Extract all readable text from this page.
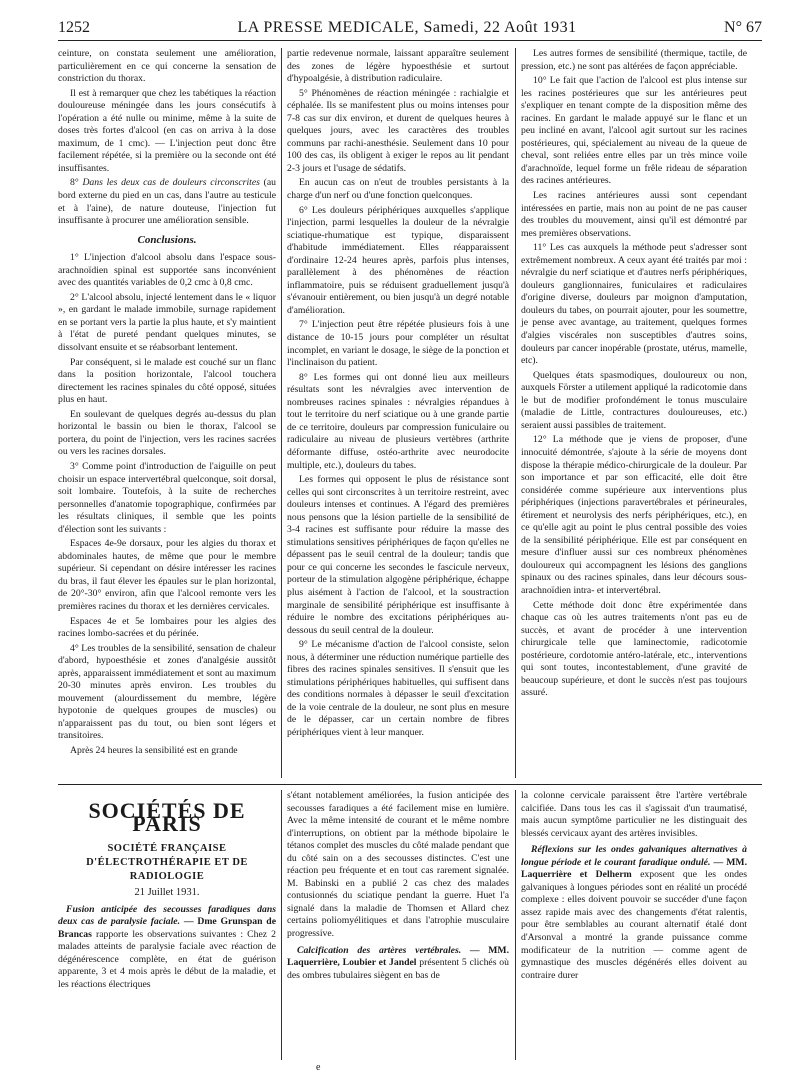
1252	LA PRESSE MEDICALE, Samedi, 22 Août 1931	N° 67

ceinture, on constata seulement une amélioration, particulièrement en ce qui concerne la sensation de constriction du thorax.

Il est à remarquer que chez les tabétiques la réaction douloureuse méningée dans les jours consécutifs à l'opération a été nulle ou minime, même à la suite de doses très fortes d'alcool (en cas on arriva à la dose maximum, de 1 cmc). — L'injection peut donc être facilement répétée, si la première ou la seconde ont été insuffisantes.

8° Dans les deux cas de douleurs circonscrites (au bord externe du pied en un cas, dans l'autre au testicule et à l'aine), de nature douteuse, l'injection fut insuffisante à procurer une amélioration sensible.

Conclusions.

1° L'injection d'alcool absolu dans l'espace sous-arachnoïdien spinal est supportée sans inconvénient avec des quantités variables de 0,2 cmc à 0,8 cmc.

2° L'alcool absolu, injecté lentement dans le « liquor », en gardant le malade immobile, surnage rapidement en se portant vers la partie la plus haute, et s'y maintient à l'état de pureté pendant quelques minutes, se dissolvant ensuite et se réabsorbant lentement.

Par conséquent, si le malade est couché sur un flanc dans la position horizontale, l'alcool touchera directement les racines spinales du côté opposé, situées plus en haut.

En soulevant de quelques degrés au-dessus du plan horizontal le bassin ou bien le thorax, l'alcool se portera, du point de l'injection, vers les racines sacrées ou vers les racines dorsales.

3° Comme point d'introduction de l'aiguille on peut choisir un espace intervertébral quelconque, soit dorsal, soit lombaire. Toutefois, à la suite de recherches personnelles d'anatomie topographique, confirmées par les résultats cliniques, il semble que les points d'élection sont les suivants :

Espaces 4e-9e dorsaux, pour les algies du thorax et abdominales hautes, de même que pour le membre supérieur. Si cependant on désire intéresser les racines du bras, il faut élever les épaules sur le plan horizontal, de 20°-30° environ, afin que l'alcool remonte vers les premières racines du thorax et les dernières cervicales.

Espaces 4e et 5e lombaires pour les algies des racines lombo-sacrées et du périnée.

4° Les troubles de la sensibilité, sensation de chaleur d'abord, hypoesthésie et zones d'analgésie aussitôt après, apparaissent immédiatement et sont au maximum 20-30 minutes après environ. Les troubles du mouvement (alourdissement du membre, légère hypotonie de quelques groupes de muscles) ou n'apparaissent pas du tout, ou bien sont légers et transitoires.

Après 24 heures la sensibilité est en grande

partie redevenue normale, laissant apparaître seulement des zones de légère hypoesthésie et surtout d'hypoalgésie, à distribution radiculaire.

5° Phénomènes de réaction méningée : rachialgie et céphalée. Ils se manifestent plus ou moins intenses pour 7-8 cas sur dix environ, et durent de quelques heures à quelques jours, avec les caractères des troubles communs par rachi-anesthésie. Seulement dans 10 pour 100 des cas, ils obligent à exiger le repos au lit pendant 2-3 jours et l'usage de sédatifs.

En aucun cas on n'eut de troubles persistants à la charge d'un nerf ou d'une fonction quelconques.

6° Les douleurs périphériques auxquelles s'applique l'injection, parmi lesquelles la douleur de la névralgie sciatique-rhumatique est typique, disparaissent d'habitude immédiatement. Elles réapparaissent d'ordinaire 12-24 heures après, parfois plus intenses, parallèlement à des phénomènes de réaction inflammatoire, puis se réduisent graduellement jusqu'à s'évanouir entièrement, ou bien jusqu'à un degré notable d'amélioration.

7° L'injection peut être répétée plusieurs fois à une distance de 10-15 jours pour compléter un résultat incomplet, en variant le dosage, le siège de la ponction et l'inclinaison du patient.

8° Les formes qui ont donné lieu aux meilleurs résultats sont les névralgies avec intervention de nombreuses racines spinales : névralgies répandues à tout le territoire du nerf sciatique ou à une grande partie de ce territoire, douleurs par compression funiculaire ou radiculaire au niveau de plusieurs vertèbres (arthrite déformante diffuse, ostéo-arthrite avec neurodocite multiple, etc.), douleurs du tabes.

Les formes qui opposent le plus de résistance sont celles qui sont circonscrites à un territoire restreint, avec douleurs intenses et continues. A l'égard des premières nous pensons que la lésion partielle de la sensibilité de 3-4 racines est suffisante pour réduire la masse des stimulations sensitives périphériques de façon qu'elles ne dépassent pas le seuil central de la douleur; tandis que pour ce qui concerne les secondes le fascicule nerveux, porteur de la stimulation algogène périphérique, échappe plus aisément à l'action de l'alcool, et la soustraction marginale de sensibilité périphérique est insuffisante à réduire le nombre des excitations périphériques au-dessous du seuil central de la douleur.

9° Le mécanisme d'action de l'alcool consiste, selon nous, à déterminer une réduction numérique partielle des fibres des racines spinales sensitives. Il s'ensuit que les stimulations périphériques habituelles, qui suffisent dans des conditions normales à dépasser le seuil d'excitation de la voie centrale de la douleur, ne sont plus en mesure de le dépasser, car un certain nombre de fibres périphériques vient à leur manquer.

Les autres formes de sensibilité (thermique, tactile, de pression, etc.) ne sont pas altérées de façon appréciable.

10° Le fait que l'action de l'alcool est plus intense sur les racines postérieures que sur les antérieures peut s'expliquer en tenant compte de la disposition même des racines. En gardant le malade appuyé sur le flanc et un peu incliné en avant, l'alcool agit surtout sur les racines postérieures, qui, spécialement au niveau de la queue de cheval, sont reliées entre elles par un très mince voile d'arachnoïde, lequel forme un frêle rideau de séparation des racines antérieures.

Les racines antérieures aussi sont cependant intéressées en partie, mais non au point de ne pas causer des troubles du mouvement, ainsi qu'il est démontré par mes premières observations.

11° Les cas auxquels la méthode peut s'adresser sont extrêmement nombreux. A ceux ayant été traités par moi : névralgie du nerf sciatique et d'autres nerfs périphériques, douleurs ganglionnaires, funiculaires et radiculaires d'origine diverse, douleurs par moignon d'amputation, douleurs du tabes, on pourrait ajouter, pour les soumettre, je pense avec avantage, au traitement, quelques formes d'algies viscérales non susceptibles d'autres soins, douleurs par cancer inopérable (prostate, utérus, mamelle, etc).

Quelques états spasmodiques, douloureux ou non, auxquels Förster a utilement appliqué la radicotomie dans le but de modifier profondément le tonus musculaire (maladie de Little, contractures douloureuses, etc.) seraient aussi passibles de traitement.

12° La méthode que je viens de proposer, d'une innocuité démontrée, s'ajoute à la série de moyens dont dispose la thérapie médico-chirurgicale de la douleur. Par son importance et par son efficacité, elle doit être considérée comme supérieure aux interventions plus périphériques (injections paravertébrales et périneurales, étirement et neurolysis des nerfs périphériques, etc.), en ce qu'elle agit au point le plus central possible des voies de la sensibilité périphérique. Elle est par conséquent en mesure d'influer aussi sur ces nombreux phénomènes douloureux qui accompagnent les lésions des ganglions spinaux ou des racines spinales, dans leur décours sous-arachnoïdien intra- et intervertébral.

Cette méthode doit donc être expérimentée dans chaque cas où les autres traitements n'ont pas eu de succès, et avant de procéder à une intervention chirurgicale telle que laminectomie, radicotomie postérieure, cordotomie antéro-latérale, etc., interventions qui sont toutes, incontestablement, d'une gravité de beaucoup supérieure, et dont le succès n'est pas toujours assuré.

SOCIÉTÉS DE PARIS
SOCIÉTÉ FRANÇAISE
D'ÉLECTROTHÉRAPIE ET DE RADIOLOGIE
21 Juillet 1931.

Fusion anticipée des secousses faradiques dans deux cas de paralysie faciale. — Dme Grunspan de Brancas rapporte les observations suivantes : Chez 2 malades atteints de paralysie faciale avec réaction de dégénérescence complète, en état de guérison apparente, 3 et 4 mois après le début de la maladie, et les réactions électriques

s'étant notablement améliorées, la fusion anticipée des secousses faradiques a été facilement mise en lumière. Avec la même intensité de courant et le même nombre d'interruptions, on obtient par la méthode bipolaire le tétanos complet des muscles du côté malade pendant que du côté sain on a des secousses distinctes. C'est une réaction peu fréquente et en tout cas rarement signalée. M. Babinski en a publié 2 cas chez des malades contusionnés du sciatique pendant la guerre. Huet l'a signalé dans la maladie de Thomsen et Allard chez certains poliomyélitiques et dans l'atrophie musculaire progressive.

Calcification des artères vertébrales. — MM. Laquerrière, Loubier et Jandel présentent 5 clichés où des ombres tubulaires siègent en bas de

la colonne cervicale paraissent être l'artère vertébrale calcifiée. Dans tous les cas il s'agissait d'un traumatisé, mais aucun symptôme particulier ne les distinguait des blessés cervicaux ayant des artères invisibles.

Réflexions sur les ondes galvaniques alternatives à longue période et le courant faradique ondulé. — MM. Laquerrière et Delherm exposent que les ondes galvaniques à longues périodes sont en réalité un procédé complexe : elles doivent pouvoir se succéder d'une façon assez rapide mais avec des changements d'état ralentis, pour être semblables au courant alternatif étalé dont d'Arsonval a montré la grande puissance comme modificateur de la nutrition — comme agent de gymnastique des muscles dégénérés elles doivent au contraire durer

e
